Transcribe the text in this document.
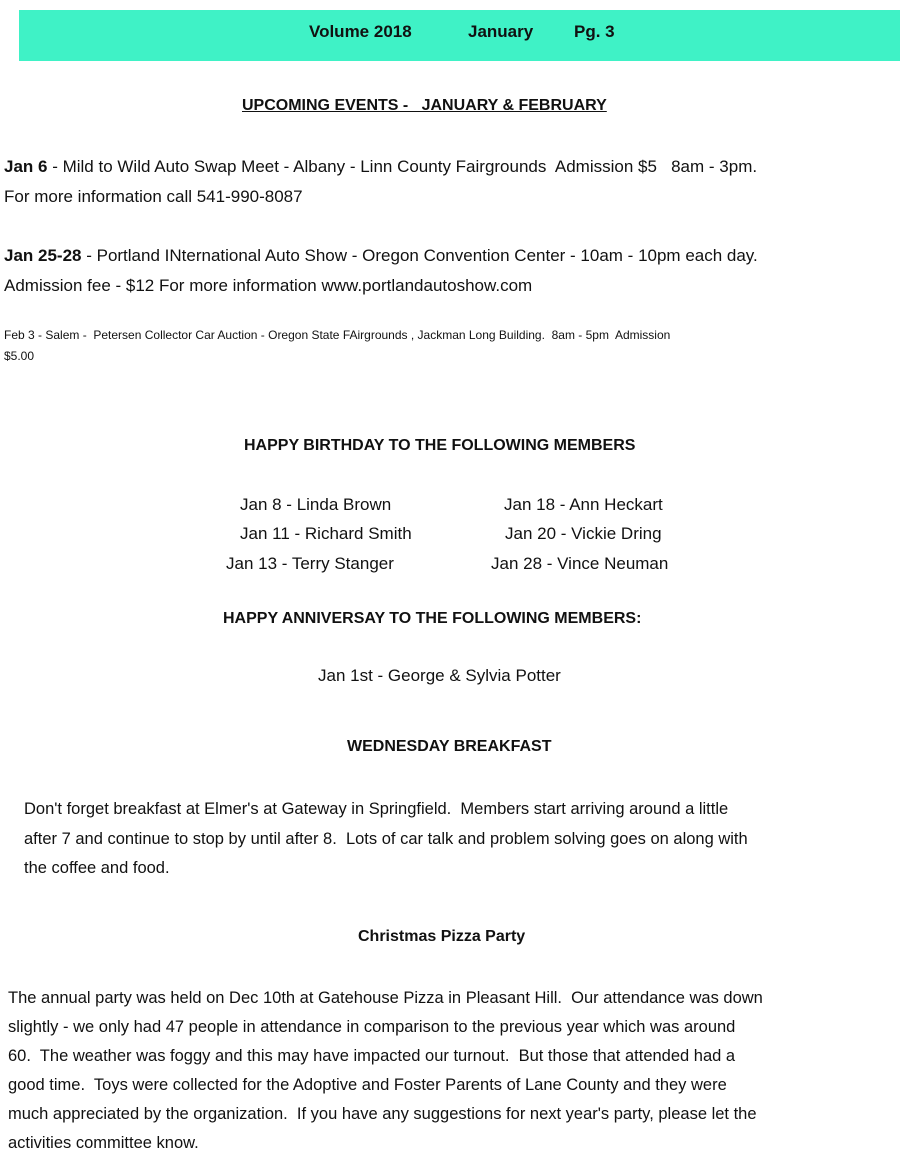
Volume 2018	January Pg. 3
UPCOMING EVENTS -   JANUARY & FEBRUARY
Jan 6 - Mild to Wild Auto Swap Meet - Albany - Linn County Fairgrounds  Admission $5   8am - 3pm.
For more information call 541-990-8087
Jan 25-28 - Portland INternational Auto Show - Oregon Convention Center - 10am - 10pm each day.
Admission fee - $12 For more information www.portlandautoshow.com
Feb 3 - Salem -  Petersen Collector Car Auction - Oregon State FAirgrounds , Jackman Long Building.  8am - 5pm  Admission
$5.00
HAPPY BIRTHDAY TO THE FOLLOWING MEMBERS
Jan 8 - Linda Brown
Jan 11 - Richard Smith
Jan 13 - Terry Stanger
Jan 18 - Ann Heckart
Jan 20 - Vickie Dring
Jan 28 - Vince Neuman
HAPPY ANNIVERSAY TO THE FOLLOWING MEMBERS:
Jan 1st - George & Sylvia Potter
WEDNESDAY BREAKFAST
Don't forget breakfast at Elmer's at Gateway in Springfield.  Members start arriving around a little
after 7 and continue to stop by until after 8.  Lots of car talk and problem solving goes on along with
the coffee and food.
Christmas Pizza Party
The annual party was held on Dec 10th at Gatehouse Pizza in Pleasant Hill.  Our attendance was down
slightly - we only had 47 people in attendance in comparison to the previous year which was around
60.  The weather was foggy and this may have impacted our turnout.  But those that attended had a
good time.  Toys were collected for the Adoptive and Foster Parents of Lane County and they were
much appreciated by the organization.  If you have any suggestions for next year's party, please let the
activities committee know.
